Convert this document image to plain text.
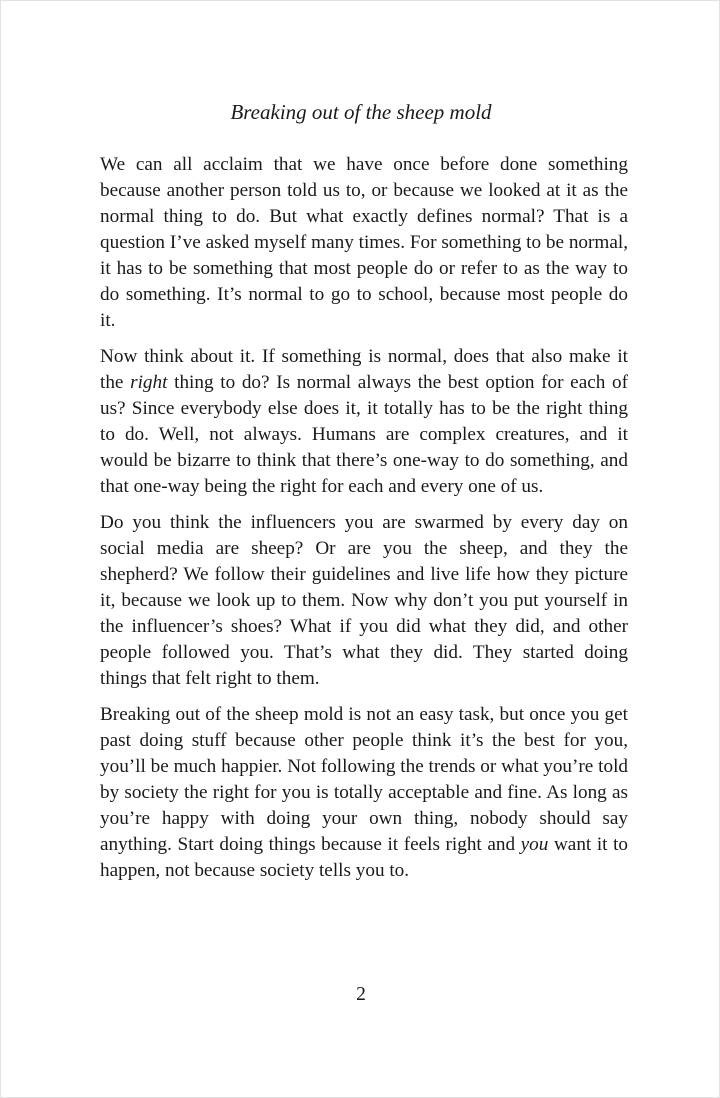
Breaking out of the sheep mold

We can all acclaim that we have once before done something because another person told us to, or because we looked at it as the normal thing to do. But what exactly defines normal? That is a question I’ve asked myself many times. For something to be normal, it has to be something that most people do or refer to as the way to do something. It’s normal to go to school, because most people do it.

Now think about it. If something is normal, does that also make it the right thing to do? Is normal always the best option for each of us? Since everybody else does it, it totally has to be the right thing to do. Well, not always. Humans are complex creatures, and it would be bizarre to think that there’s one-way to do something, and that one-way being the right for each and every one of us.

Do you think the influencers you are swarmed by every day on social media are sheep? Or are you the sheep, and they the shepherd? We follow their guidelines and live life how they picture it, because we look up to them. Now why don’t you put yourself in the influencer’s shoes? What if you did what they did, and other people followed you. That’s what they did. They started doing things that felt right to them.

Breaking out of the sheep mold is not an easy task, but once you get past doing stuff because other people think it’s the best for you, you’ll be much happier. Not following the trends or what you’re told by society the right for you is totally acceptable and fine. As long as you’re happy with doing your own thing, nobody should say anything. Start doing things because it feels right and you want it to happen, not because society tells you to.

2
